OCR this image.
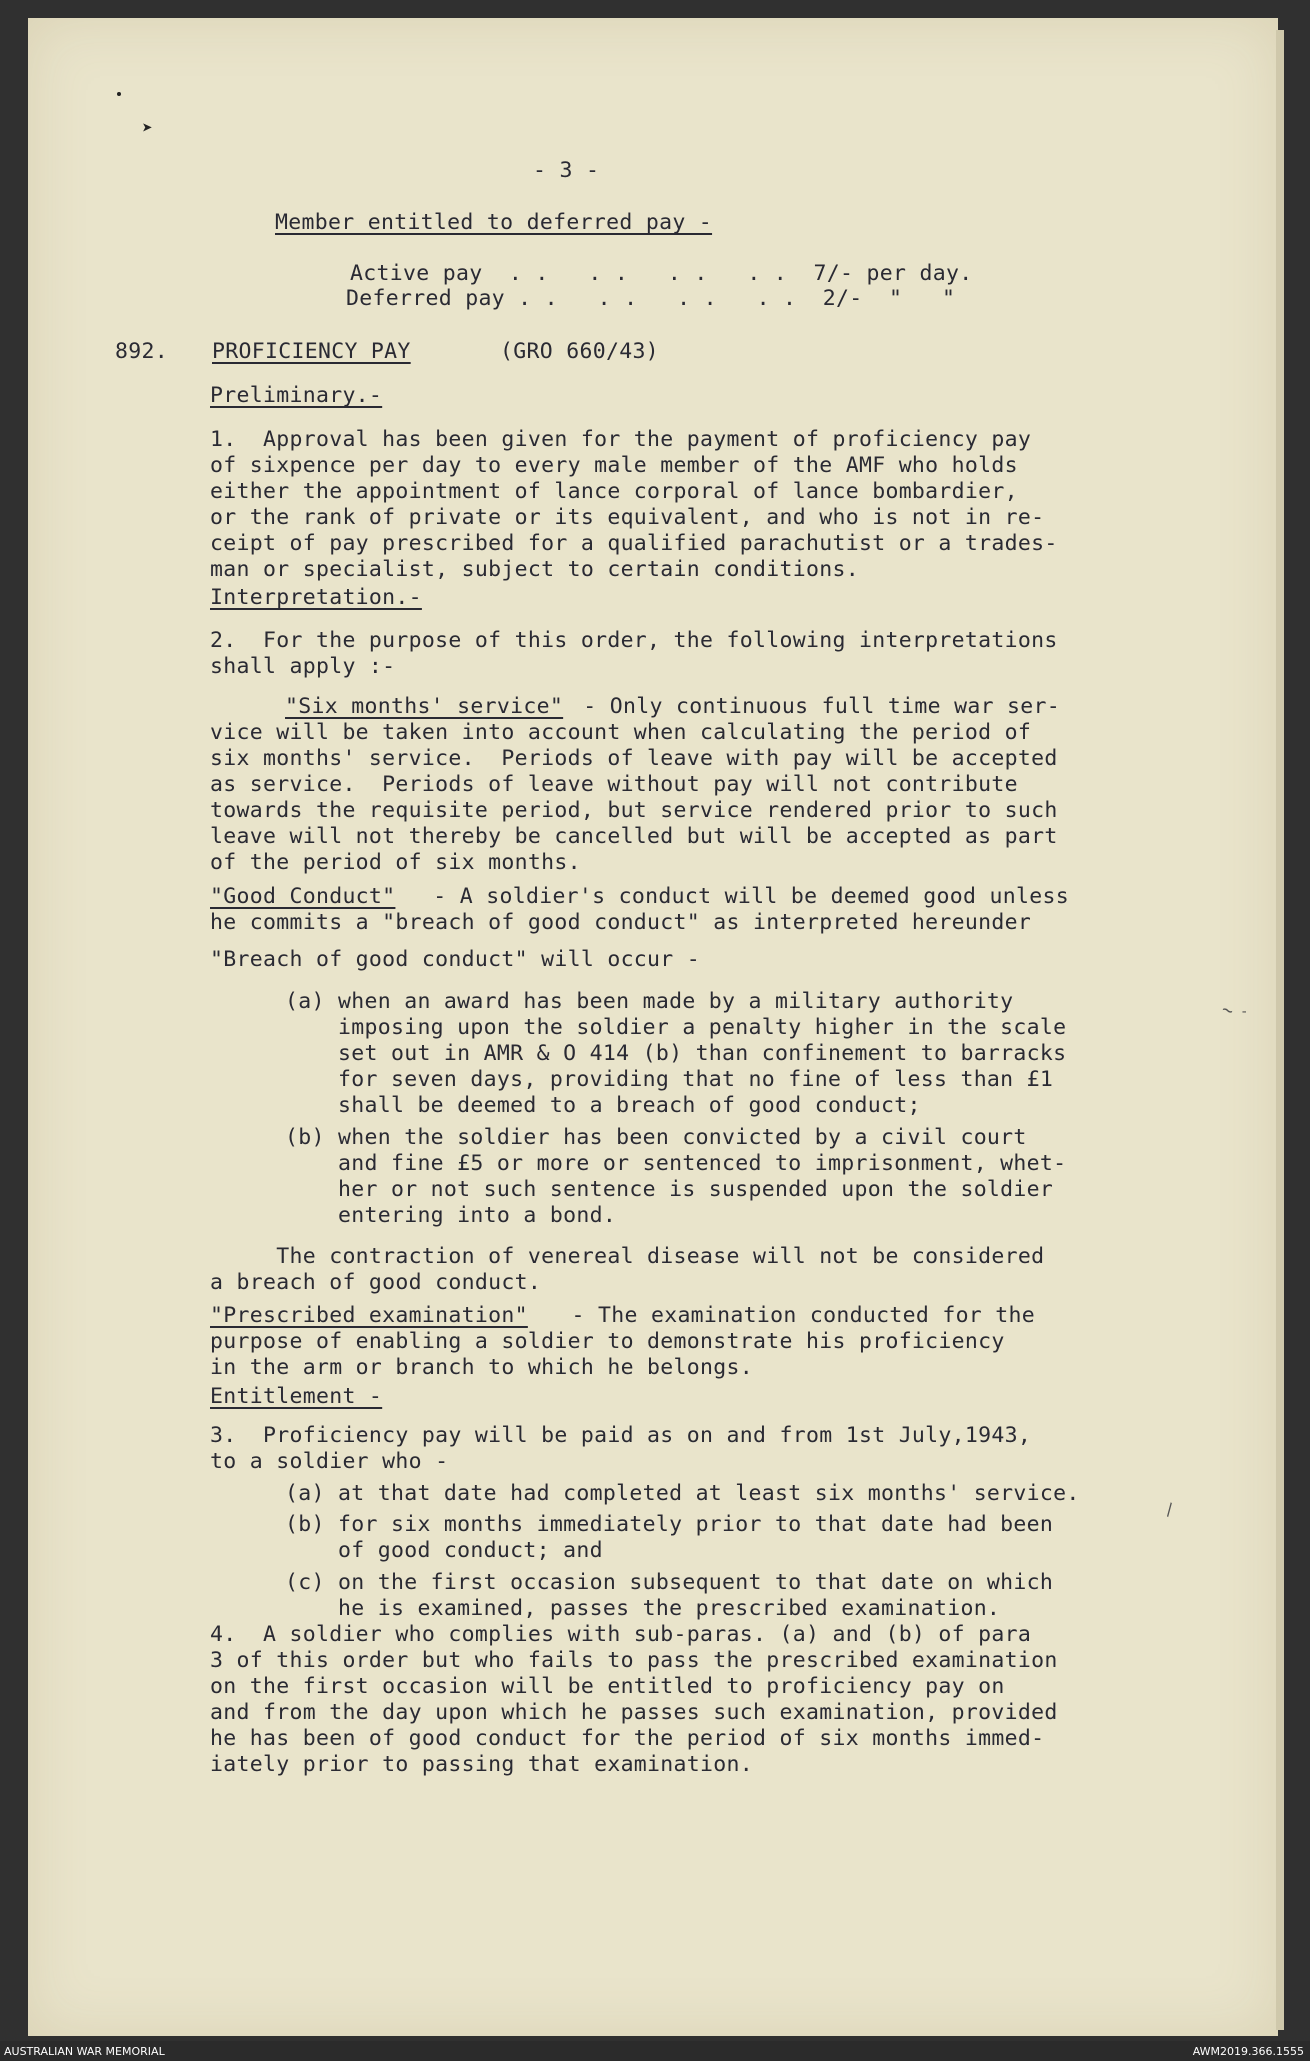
➤
~ -
\
- 3 -
Member entitled to deferred pay -
Active pay  . .   . .   . .   . .  7/- per day.
Deferred pay . .   . .   . .   . .  2/-  "   "
892. PROFICIENCY PAY	(GRO 660/43)
Preliminary.-
1.  Approval has been given for the payment of proficiency pay
of sixpence per day to every male member of the AMF who holds
either the appointment of lance corporal of lance bombardier,
or the rank of private or its equivalent, and who is not in re-
ceipt of pay prescribed for a qualified parachutist or a trades-
man or specialist, subject to certain conditions.
Interpretation.-
2.  For the purpose of this order, the following interpretations
shall apply :-
"Six months' service" - Only continuous full time war ser-
vice will be taken into account when calculating the period of
six months' service.  Periods of leave with pay will be accepted
as service.  Periods of leave without pay will not contribute
towards the requisite period, but service rendered prior to such
leave will not thereby be cancelled but will be accepted as part
of the period of six months.
"Good Conduct" - A soldier's conduct will be deemed good unless
he commits a "breach of good conduct" as interpreted hereunder
"Breach of good conduct" will occur -
(a) when an award has been made by a military authority
imposing upon the soldier a penalty higher in the scale
set out in AMR & O 414 (b) than confinement to barracks
for seven days, providing that no fine of less than £1
shall be deemed to a breach of good conduct;
(b) when the soldier has been convicted by a civil court
and fine £5 or more or sentenced to imprisonment, whet-
her or not such sentence is suspended upon the soldier
entering into a bond.
The contraction of venereal disease will not be considered
a breach of good conduct.
"Prescribed examination" - The examination conducted for the
purpose of enabling a soldier to demonstrate his proficiency
in the arm or branch to which he belongs.
Entitlement -
3.  Proficiency pay will be paid as on and from 1st July,1943,
to a soldier who -
(a) at that date had completed at least six months' service.
(b) for six months immediately prior to that date had been
of good conduct; and
(c) on the first occasion subsequent to that date on which
he is examined, passes the prescribed examination.
4.  A soldier who complies with sub-paras. (a) and (b) of para
3 of this order but who fails to pass the prescribed examination
on the first occasion will be entitled to proficiency pay on
and from the day upon which he passes such examination, provided
he has been of good conduct for the period of six months immed-
iately prior to passing that examination.
AUSTRALIAN WAR MEMORIAL	AWM2019.366.1555
